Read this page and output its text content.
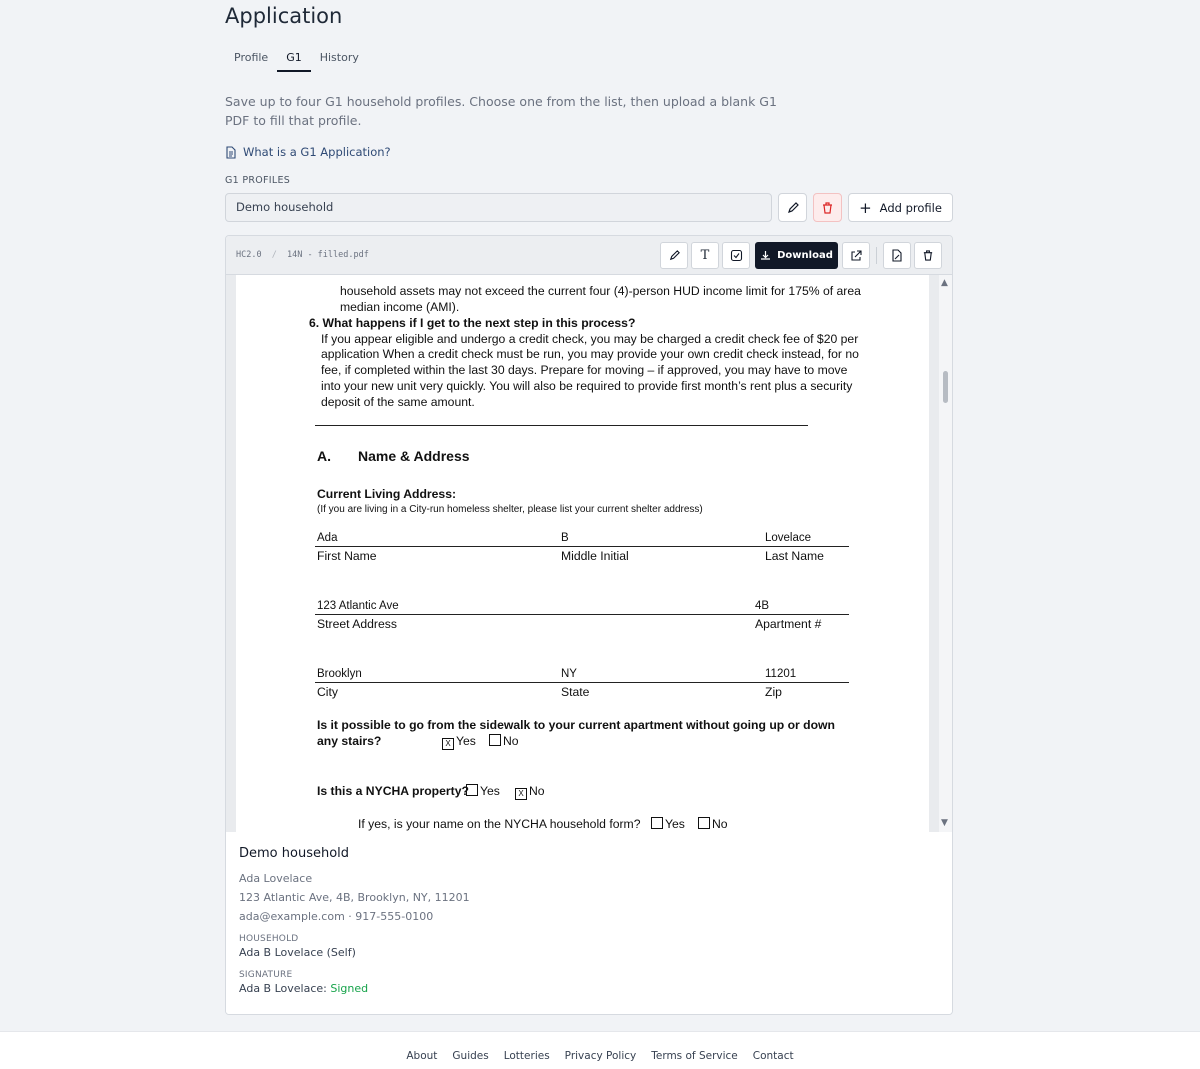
Application
Profile	G1	History

Save up to four G1 household profiles. Choose one from the list, then upload a blank G1 PDF to fill that profile.

What is a G1 Application?
G1 PROFILES
Demo household	+ Add profile
HC2.0 / 14N - filled.pdf	T	Download
household assets may not exceed the current four (4)-person HUD income limit for 175% of area
median income (AMI).
6. What happens if I get to the next step in this process?
If you appear eligible and undergo a credit check, you may be charged a credit check fee of $20 per
application When a credit check must be run, you may provide your own credit check instead, for no
fee, if completed within the last 30 days. Prepare for moving – if approved, you may have to move
into your new unit very quickly. You will also be required to provide first month’s rent plus a security
deposit of the same amount.
A. Name & Address
Current Living Address:
(If you are living in a City-run homeless shelter, please list your current shelter address)
Ada	B	Lovelace
First Name	Middle Initial	Last Name
123 Atlantic Ave	4B
Street Address	Apartment #
Brooklyn	NY	11201
City	State	Zip
Is it possible to go from the sidewalk to your current apartment without going up or down
any stairs?	X Yes	No
Is this a NYCHA property? Yes	X No
If yes, is your name on the NYCHA household form?	Yes	No
▲
▼
Demo household
Ada Lovelace
123 Atlantic Ave, 4B, Brooklyn, NY, 11201
ada@example.com · 917-555-0100
HOUSEHOLD
Ada B Lovelace (Self)
SIGNATURE
Ada B Lovelace: Signed
About Guides Lotteries Privacy Policy Terms of Service Contact
